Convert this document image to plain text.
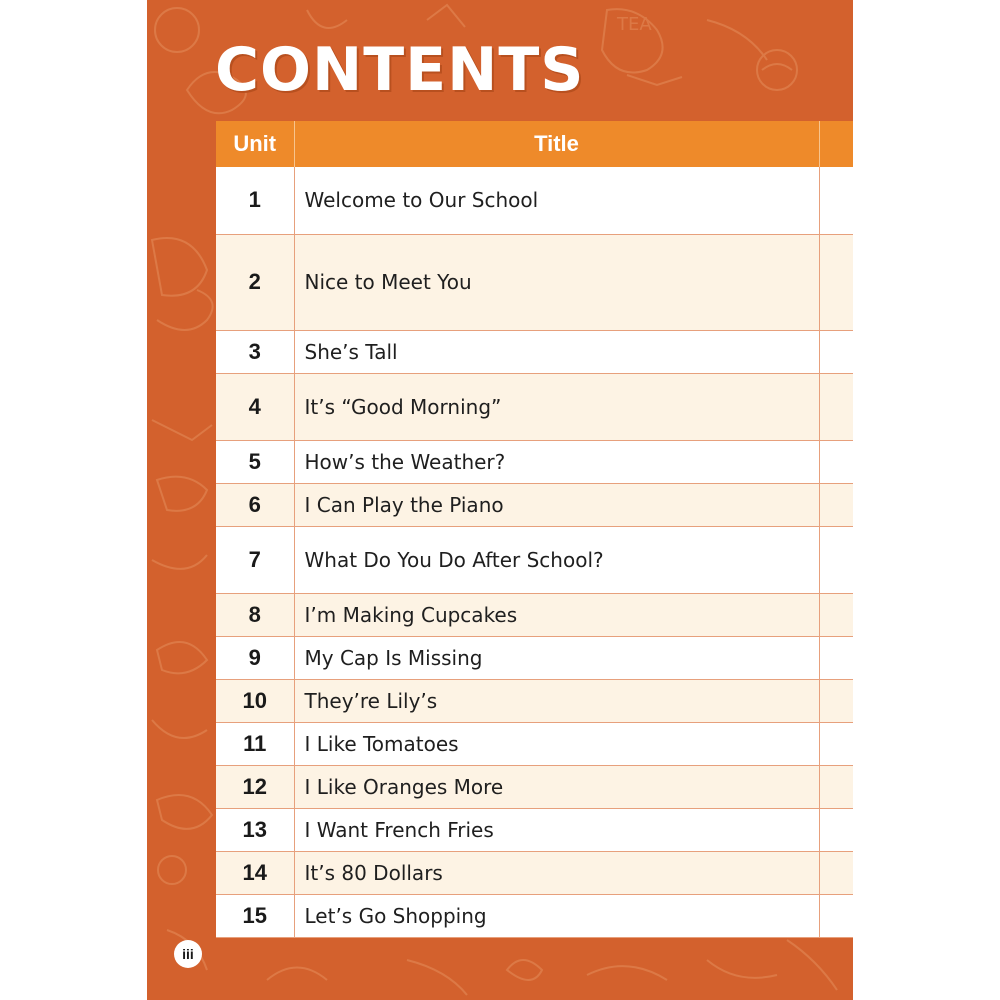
TEA
CONTENTS
Unit	Title	
1	Welcome to Our School	
2	Nice to Meet You	
3	She’s Tall	
4	It’s “Good Morning”	
5	How’s the Weather?	
6	I Can Play the Piano	
7	What Do You Do After School?	
8	I’m Making Cupcakes	
9	My Cap Is Missing	
10	They’re Lily’s	
11	I Like Tomatoes	
12	I Like Oranges More	
13	I Want French Fries	
14	It’s 80 Dollars	
15	Let’s Go Shopping	
iii
